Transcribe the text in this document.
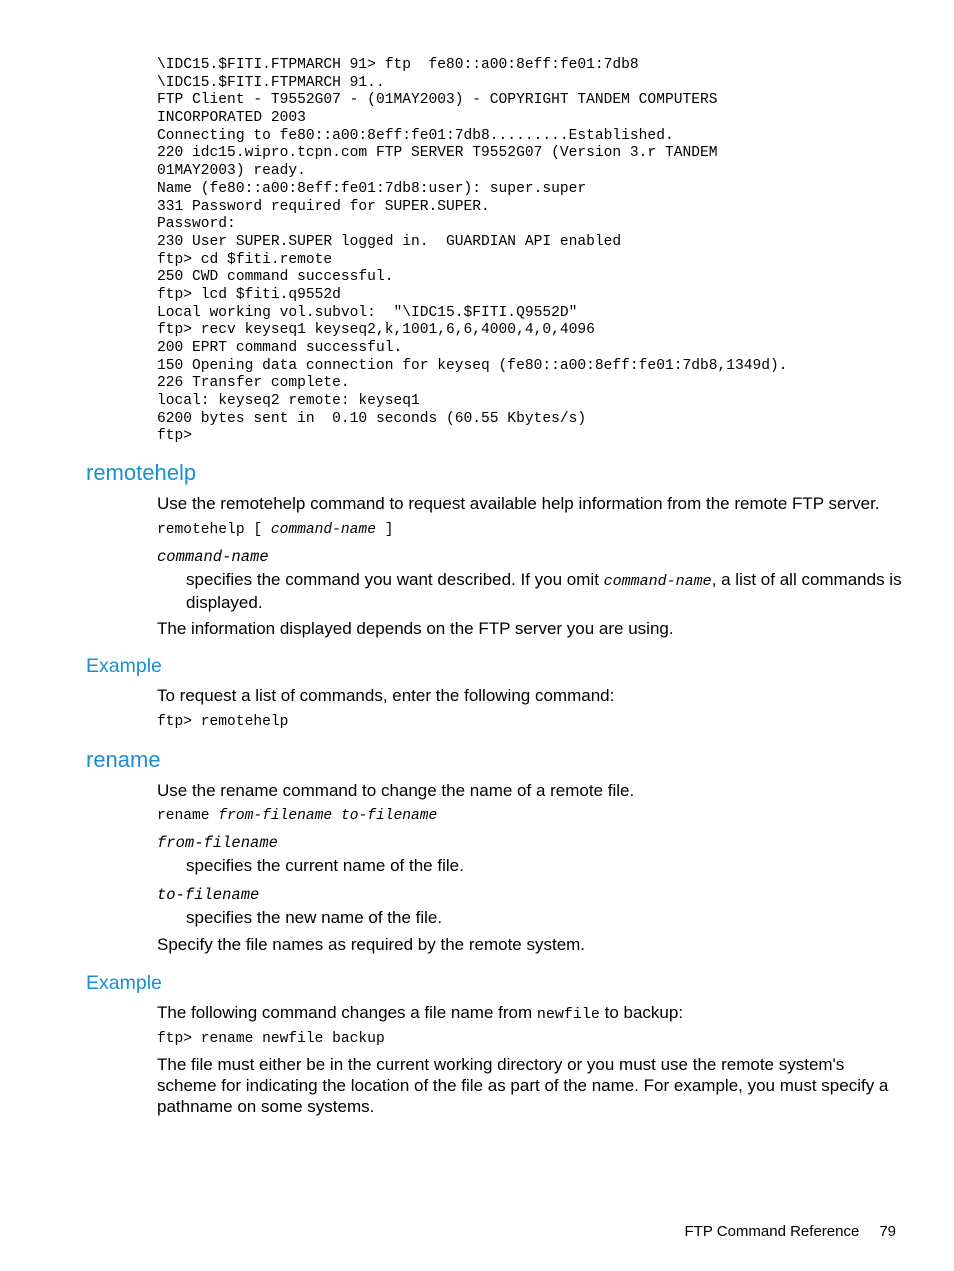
\IDC15.$FITI.FTPMARCH 91> ftp  fe80::a00:8eff:fe01:7db8
\IDC15.$FITI.FTPMARCH 91..
FTP Client - T9552G07 - (01MAY2003) - COPYRIGHT TANDEM COMPUTERS
INCORPORATED 2003
Connecting to fe80::a00:8eff:fe01:7db8.........Established.
220 idc15.wipro.tcpn.com FTP SERVER T9552G07 (Version 3.r TANDEM
01MAY2003) ready.
Name (fe80::a00:8eff:fe01:7db8:user): super.super
331 Password required for SUPER.SUPER.
Password:
230 User SUPER.SUPER logged in.  GUARDIAN API enabled
ftp> cd $fiti.remote
250 CWD command successful.
ftp> lcd $fiti.q9552d
Local working vol.subvol:  "\IDC15.$FITI.Q9552D"
ftp> recv keyseq1 keyseq2,k,1001,6,6,4000,4,0,4096
200 EPRT command successful.
150 Opening data connection for keyseq (fe80::a00:8eff:fe01:7db8,1349d).
226 Transfer complete.
local: keyseq2 remote: keyseq1
6200 bytes sent in  0.10 seconds (60.55 Kbytes/s)
ftp>
remotehelp
Use the remotehelp command to request available help information from the remote FTP server.
remotehelp [ command-name ]
command-name
specifies the command you want described. If you omit command-name, a list of all commands is displayed.
The information displayed depends on the FTP server you are using.
Example
To request a list of commands, enter the following command:
ftp> remotehelp
rename
Use the rename command to change the name of a remote file.
rename from-filename to-filename
from-filename
specifies the current name of the file.
to-filename
specifies the new name of the file.
Specify the file names as required by the remote system.
Example
The following command changes a file name from newfile to backup:
ftp> rename newfile backup
The file must either be in the current working directory or you must use the remote system's scheme for indicating the location of the file as part of the name. For example, you must specify a pathname on some systems.
FTP Command Reference 79
